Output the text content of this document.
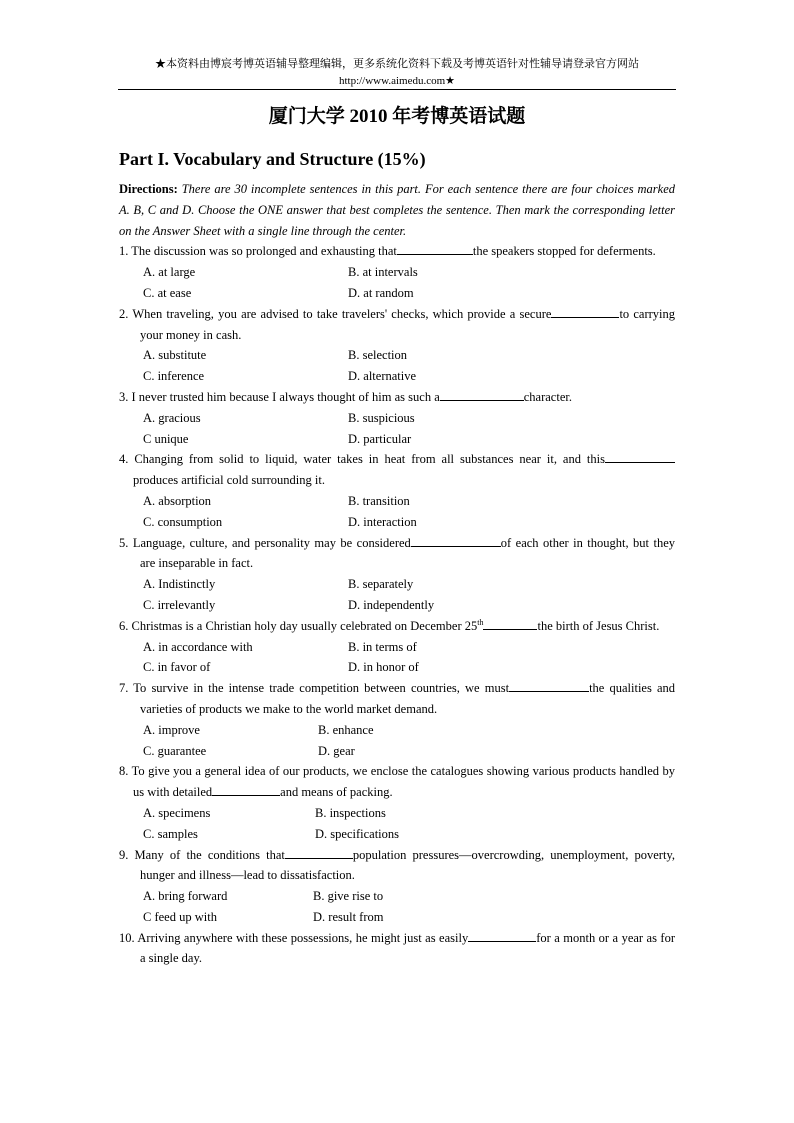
★本资料由博宸考博英语辅导整理编辑，更多系统化资料下载及考博英语针对性辅导请登录官方网站
http://www.aimedu.com★
厦门大学 2010 年考博英语试题
Part I. Vocabulary and Structure (15%)

Directions: There are 30 incomplete sentences in this part. For each sentence there are four choices marked A. B, C and D. Choose the ONE answer that best completes the sentence. Then mark the corresponding letter on the Answer Sheet with a single line through the center.

1. The discussion was so prolonged and exhausting that	the speakers stopped for deferments.

A. at large	B. at intervals
C. at ease	D. at random

2. When traveling, you are advised to take travelers' checks, which provide a secure	to carrying your money in cash.

A. substitute	B. selection
C. inference	D. alternative

3. I never trusted him because I always thought of him as such a	character.

A. gracious	B. suspicious
C unique	D. particular

4. Changing from solid to liquid, water takes in heat from all substances near it, and this produces artificial cold surrounding it.

A. absorption	B. transition
C. consumption	D. interaction

5. Language, culture, and personality may be considered	of each other in thought, but they are inseparable in fact.

A. Indistinctly	B. separately
C. irrelevantly	D. independently

6. Christmas is a Christian holy day usually celebrated on December 25th	the birth of Jesus Christ.

A. in accordance with	B. in terms of
C. in favor of	D. in honor of

7. To survive in the intense trade competition between countries, we must	the qualities and varieties of products we make to the world market demand.

A. improve	B. enhance
C. guarantee	D. gear

8. To give you a general idea of our products, we enclose the catalogues showing various products handled by us with detailed	and means of packing.

A. specimens	B. inspections
C. samples	D. specifications

9. Many of the conditions that	population pressures—overcrowding, unemployment, poverty, hunger and illness—lead to dissatisfaction.

A. bring forward	B. give rise to
C feed up with	D. result from

10. Arriving anywhere with these possessions, he might just as easily	for a month or a year as for a single day.
